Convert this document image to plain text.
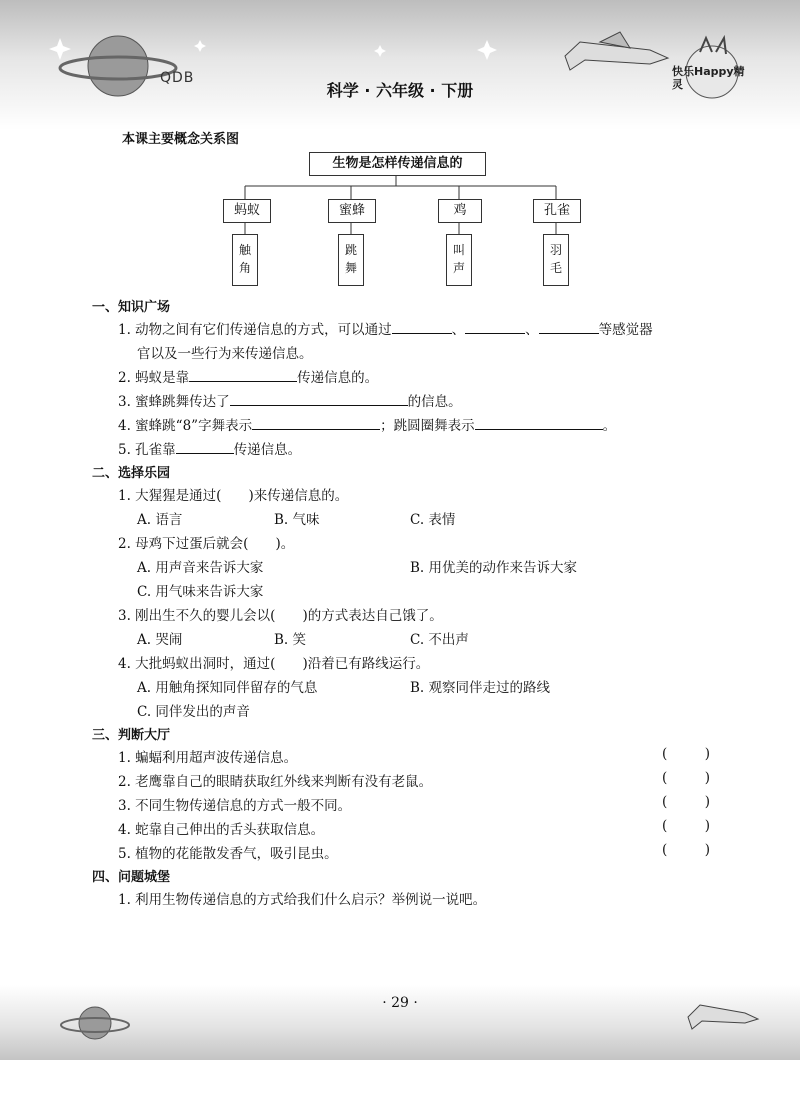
QDB
科学 · 六年级 · 下册
快乐Happy精灵
本课主要概念关系图
生物是怎样传递信息的
蚂蚁	蜜蜂	鸡	孔雀
触
角
跳
舞
叫
声
羽
毛
一、知识广场
1. 动物之间有它们传递信息的方式，可以通过	、	、	等感觉器
官以及一些行为来传递信息。
2. 蚂蚁是靠	传递信息的。
3. 蜜蜂跳舞传达了	的信息。
4. 蜜蜂跳“8”字舞表示	；跳圆圈舞表示	。
5. 孔雀靠	传递信息。
二、选择乐园
1. 大猩猩是通过(　　)来传递信息的。
A. 语言	B. 气味	C. 表情
2. 母鸡下过蛋后就会(　　)。
A. 用声音来告诉大家	B. 用优美的动作来告诉大家
C. 用气味来告诉大家
3. 刚出生不久的婴儿会以(　　)的方式表达自己饿了。
A. 哭闹	B. 笑	C. 不出声
4. 大批蚂蚁出洞时，通过(　　)沿着已有路线运行。
A. 用触角探知同伴留存的气息	B. 观察同伴走过的路线
C. 同伴发出的声音
三、判断大厅
1. 蝙蝠利用超声波传递信息。	(	)
2. 老鹰靠自己的眼睛获取红外线来判断有没有老鼠。	(	)
3. 不同生物传递信息的方式一般不同。	(	)
4. 蛇靠自己伸出的舌头获取信息。	(	)
5. 植物的花能散发香气，吸引昆虫。	(	)
四、问题城堡
1. 利用生物传递信息的方式给我们什么启示？举例说一说吧。
· 29 ·
